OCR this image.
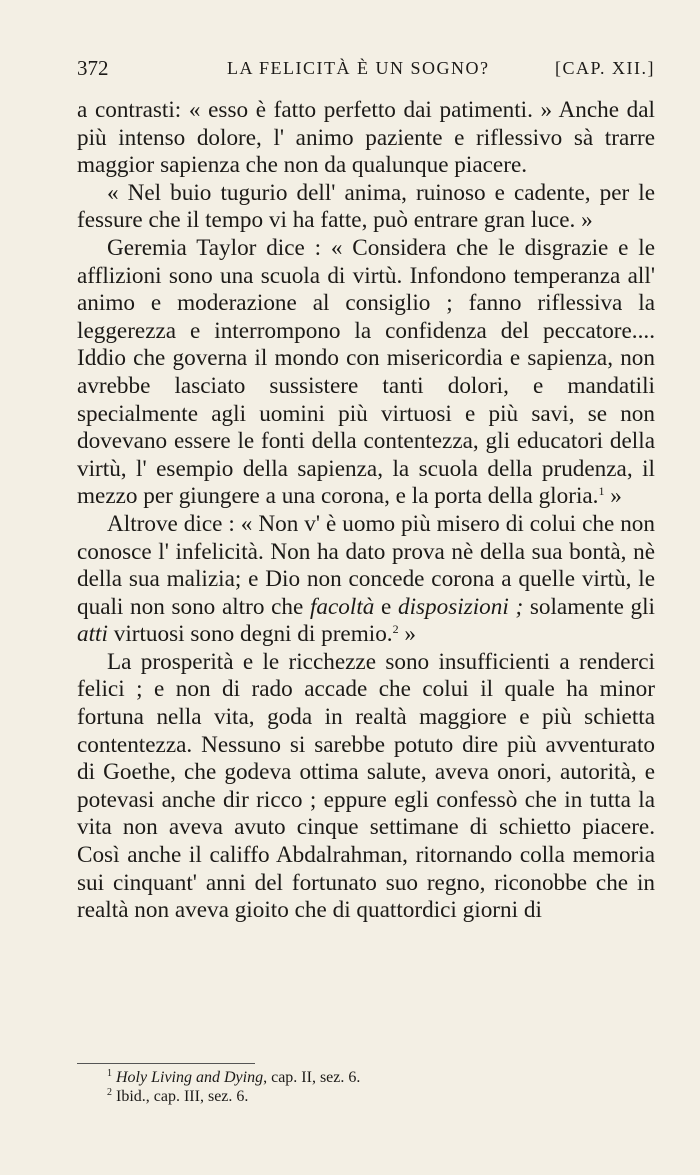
372	LA FELICITÀ È UN SOGNO?	[CAP. XII.]

a contrasti: « esso è fatto perfetto dai patimenti. » Anche dal più intenso dolore, l' animo paziente e riflessivo sà trarre maggior sapienza che non da qualunque piacere.

« Nel buio tugurio dell' anima, ruinoso e cadente, per le fessure che il tempo vi ha fatte, può entrare gran luce. »

Geremia Taylor dice : « Considera che le disgrazie e le afflizioni sono una scuola di virtù. Infondono temperanza all' animo e moderazione al consiglio ; fanno riflessiva la leggerezza e interrompono la confidenza del peccatore.... Iddio che governa il mondo con misericordia e sapienza, non avrebbe lasciato sussistere tanti dolori, e mandatili specialmente agli uomini più virtuosi e più savi, se non dovevano essere le fonti della contentezza, gli educatori della virtù, l' esempio della sapienza, la scuola della prudenza, il mezzo per giungere a una corona, e la porta della gloria.$^1$ »

Altrove dice : « Non v' è uomo più misero di colui che non conosce l' infelicità. Non ha dato prova nè della sua bontà, nè della sua malizia; e Dio non concede corona a quelle virtù, le quali non sono altro che facoltà e disposizioni ; solamente gli atti virtuosi sono degni di premio.$^2$ »

La prosperità e le ricchezze sono insufficienti a renderci felici ; e non di rado accade che colui il quale ha minor fortuna nella vita, goda in realtà maggiore e più schietta contentezza. Nessuno si sarebbe potuto dire più avventurato di Goethe, che godeva ottima salute, aveva onori, autorità, e potevasi anche dir ricco ; eppure egli confessò che in tutta la vita non aveva avuto cinque settimane di schietto piacere. Così anche il califfo Abdalrahman, ritornando colla memoria sui cinquant' anni del fortunato suo regno, riconobbe che in realtà non aveva gioito che di quattordici giorni di

$^1$ Holy Living and Dying, cap. II, sez. 6.
$^2$ Ibid., cap. III, sez. 6.
